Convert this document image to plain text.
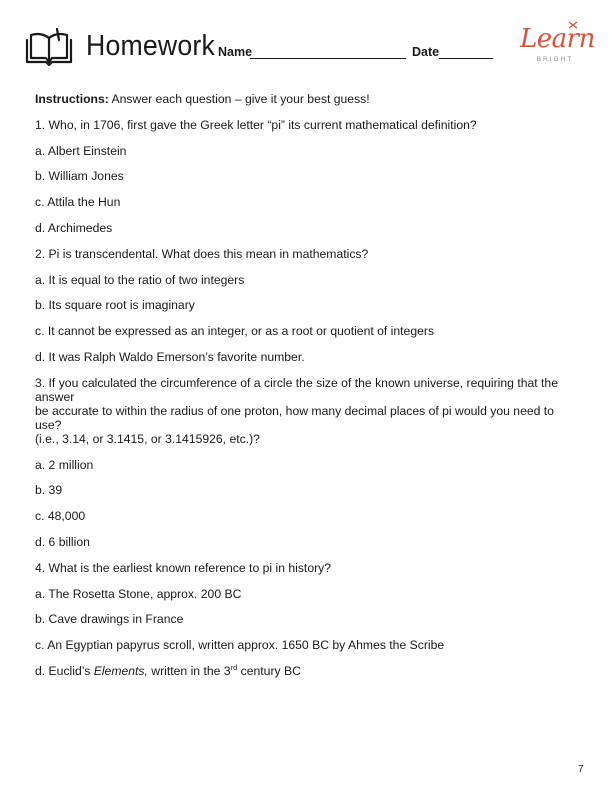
Homework Name	Date	Learn
BRIGHT

Instructions: Answer each question – give it your best guess!

1. Who, in 1706, first gave the Greek letter “pi” its current mathematical definition?

a. Albert Einstein

b. William Jones

c. Attila the Hun

d. Archimedes

2. Pi is transcendental. What does this mean in mathematics?

a. It is equal to the ratio of two integers

b. Its square root is imaginary

c. It cannot be expressed as an integer, or as a root or quotient of integers

d. It was Ralph Waldo Emerson’s favorite number.

3. If you calculated the circumference of a circle the size of the known universe, requiring that the answer
be accurate to within the radius of one proton, how many decimal places of pi would you need to use?
(i.e., 3.14, or 3.1415, or 3.1415926, etc.)?

a. 2 million

b. 39

c. 48,000

d. 6 billion

4. What is the earliest known reference to pi in history?

a. The Rosetta Stone, approx. 200 BC

b. Cave drawings in France

c. An Egyptian papyrus scroll, written approx. 1650 BC by Ahmes the Scribe

d. Euclid’s Elements, written in the 3rd century BC

7
